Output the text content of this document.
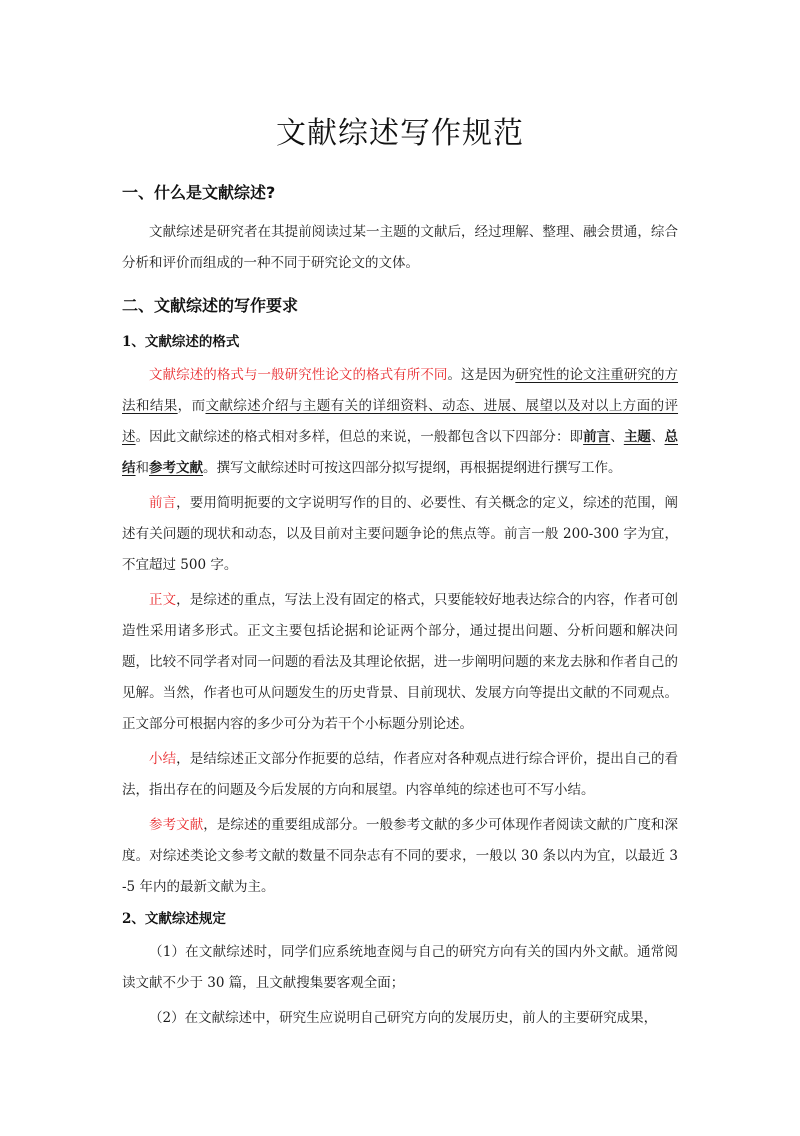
文献综述写作规范
一、什么是文献综述?

文献综述是研究者在其提前阅读过某一主题的文献后，经过理解、整理、融会贯通，综合分析和评价而组成的一种不同于研究论文的文体。

二、文献综述的写作要求
1、文献综述的格式

文献综述的格式与一般研究性论文的格式有所不同。这是因为研究性的论文注重研究的方法和结果，而文献综述介绍与主题有关的详细资料、动态、进展、展望以及对以上方面的评述。因此文献综述的格式相对多样，但总的来说，一般都包含以下四部分：即前言、主题、总结和参考文献。撰写文献综述时可按这四部分拟写提纲，再根据提纲进行撰写工作。

前言，要用简明扼要的文字说明写作的目的、必要性、有关概念的定义，综述的范围，阐述有关问题的现状和动态，以及目前对主要问题争论的焦点等。前言一般 200-300 字为宜，不宜超过 500 字。

正文，是综述的重点，写法上没有固定的格式，只要能较好地表达综合的内容，作者可创造性采用诸多形式。正文主要包括论据和论证两个部分，通过提出问题、分析问题和解决问题，比较不同学者对同一问题的看法及其理论依据，进一步阐明问题的来龙去脉和作者自己的见解。当然，作者也可从问题发生的历史背景、目前现状、发展方向等提出文献的不同观点。正文部分可根据内容的多少可分为若干个小标题分别论述。

小结，是结综述正文部分作扼要的总结，作者应对各种观点进行综合评价，提出自己的看法，指出存在的问题及今后发展的方向和展望。内容单纯的综述也可不写小结。

参考文献，是综述的重要组成部分。一般参考文献的多少可体现作者阅读文献的广度和深度。对综述类论文参考文献的数量不同杂志有不同的要求，一般以 30 条以内为宜，以最近 3-5 年内的最新文献为主。

2、文献综述规定

（1）在文献综述时，同学们应系统地查阅与自己的研究方向有关的国内外文献。通常阅读文献不少于 30 篇，且文献搜集要客观全面；

（2）在文献综述中，研究生应说明自己研究方向的发展历史，前人的主要研究成果，
